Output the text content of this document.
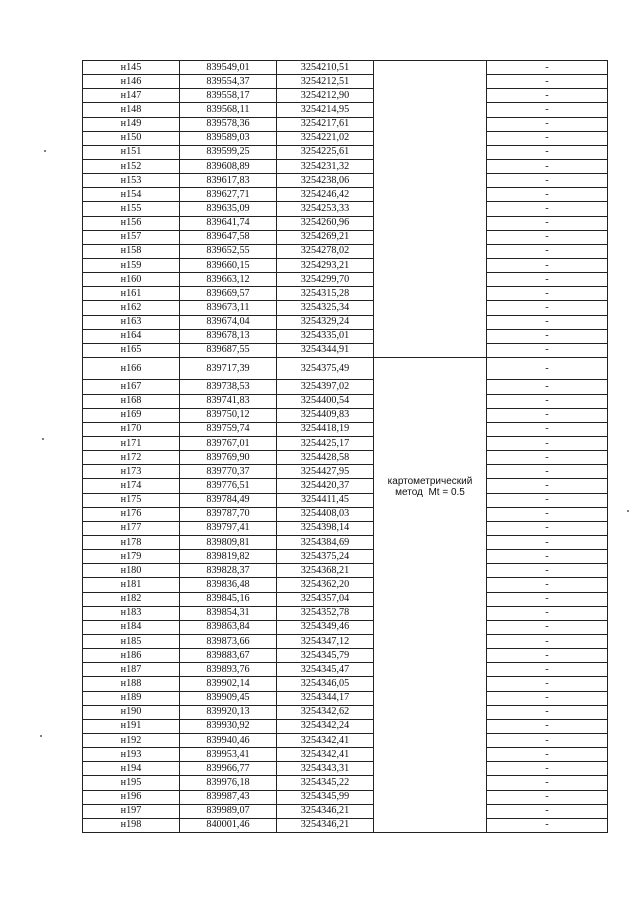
н145	839549,01	3254210,51		-
н146	839554,37	3254212,51		-
н147	839558,17	3254212,90		-
н148	839568,11	3254214,95		-
н149	839578,36	3254217,61		-
н150	839589,03	3254221,02		-
н151	839599,25	3254225,61		-
н152	839608,89	3254231,32		-
н153	839617,83	3254238,06		-
н154	839627,71	3254246,42		-
н155	839635,09	3254253,33		-
н156	839641,74	3254260,96		-
н157	839647,58	3254269,21		-
н158	839652,55	3254278,02		-
н159	839660,15	3254293,21		-
н160	839663,12	3254299,70		-
н161	839669,57	3254315,28		-
н162	839673,11	3254325,34		-
н163	839674,04	3254329,24		-
н164	839678,13	3254335,01		-
н165	839687,55	3254344,91		-
н166	839717,39	3254375,49	картометрический
метод  Mt = 0.5	-
н167	839738,53	3254397,02		-
н168	839741,83	3254400,54		-
н169	839750,12	3254409,83		-
н170	839759,74	3254418,19		-
н171	839767,01	3254425,17		-
н172	839769,90	3254428,58		-
н173	839770,37	3254427,95		-
н174	839776,51	3254420,37		-
н175	839784,49	3254411,45		-
н176	839787,70	3254408,03		-
н177	839797,41	3254398,14		-
н178	839809,81	3254384,69		-
н179	839819,82	3254375,24		-
н180	839828,37	3254368,21		-
н181	839836,48	3254362,20		-
н182	839845,16	3254357,04		-
н183	839854,31	3254352,78		-
н184	839863,84	3254349,46		-
н185	839873,66	3254347,12		-
н186	839883,67	3254345,79		-
н187	839893,76	3254345,47		-
н188	839902,14	3254346,05		-
н189	839909,45	3254344,17		-
н190	839920,13	3254342,62		-
н191	839930,92	3254342,24		-
н192	839940,46	3254342,41		-
н193	839953,41	3254342,41		-
н194	839966,77	3254343,31		-
н195	839976,18	3254345,22		-
н196	839987,43	3254345,99		-
н197	839989,07	3254346,21		-
н198	840001,46	3254346,21		-
